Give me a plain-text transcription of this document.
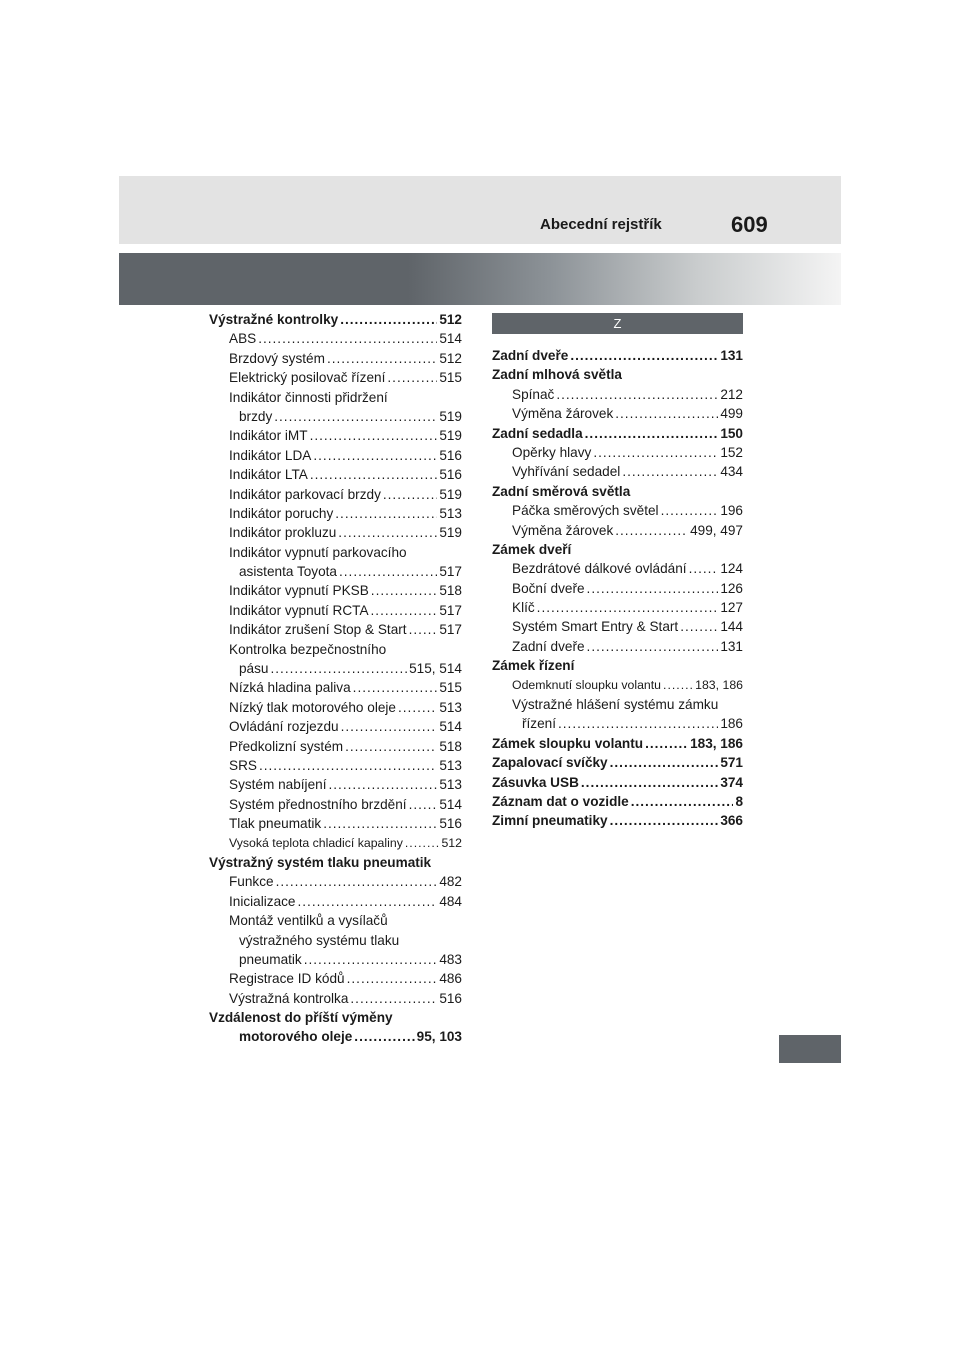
Abecední rejstřík	609
Výstražné kontrolky .....	512
ABS .....	514
Brzdový systém .....	512
Elektrický posilovač řízení .....	515
Indikátor činnosti přidržení
brzdy .....	519
Indikátor iMT .....	519
Indikátor LDA .....	516
Indikátor LTA .....	516
Indikátor parkovací brzdy .....	519
Indikátor poruchy .....	513
Indikátor prokluzu .....	519
Indikátor vypnutí parkovacího
asistenta Toyota .....	517
Indikátor vypnutí PKSB .....	518
Indikátor vypnutí RCTA .....	517
Indikátor zrušení Stop & Start ..... 517
Kontrolka bezpečnostního
pásu .....	515, 514
Nízká hladina paliva .....	515
Nízký tlak motorového oleje .....	513
Ovládání rozjezdu .....	514
Předkolizní systém .....	518
SRS .....	513
Systém nabíjení .....	513
Systém přednostního brzdění ..... 514
Tlak pneumatik .....	516
Vysoká teplota chladicí kapaliny .....	512
Výstražný systém tlaku pneumatik
Funkce .....	482
Inicializace .....	484
Montáž ventilků a vysílačů
výstražného systému tlaku
pneumatik .....	483
Registrace ID kódů .....	486
Výstražná kontrolka .....	516
Vzdálenost do příští výměny
motorového oleje .....	95, 103
Z
Zadní dveře .....	131
Zadní mlhová světla
Spínač .....	212
Výměna žárovek .....	499
Zadní sedadla .....	150
Opěrky hlavy .....	152
Vyhřívání sedadel .....	434
Zadní směrová světla
Páčka směrových světel .....	196
Výměna žárovek .....	499, 497
Zámek dveří
Bezdrátové dálkové ovládání ..... 124
Boční dveře .....	126
Klíč .....	127
Systém Smart Entry & Start .....	144
Zadní dveře .....	131
Zámek řízení
Odemknutí sloupku volantu .....	183, 186
Výstražné hlášení systému zámku
řízení .....	186
Zámek sloupku volantu .....	183, 186
Zapalovací svíčky .....	571
Zásuvka USB .....	374
Záznam dat o vozidle .....	8
Zimní pneumatiky .....	366
